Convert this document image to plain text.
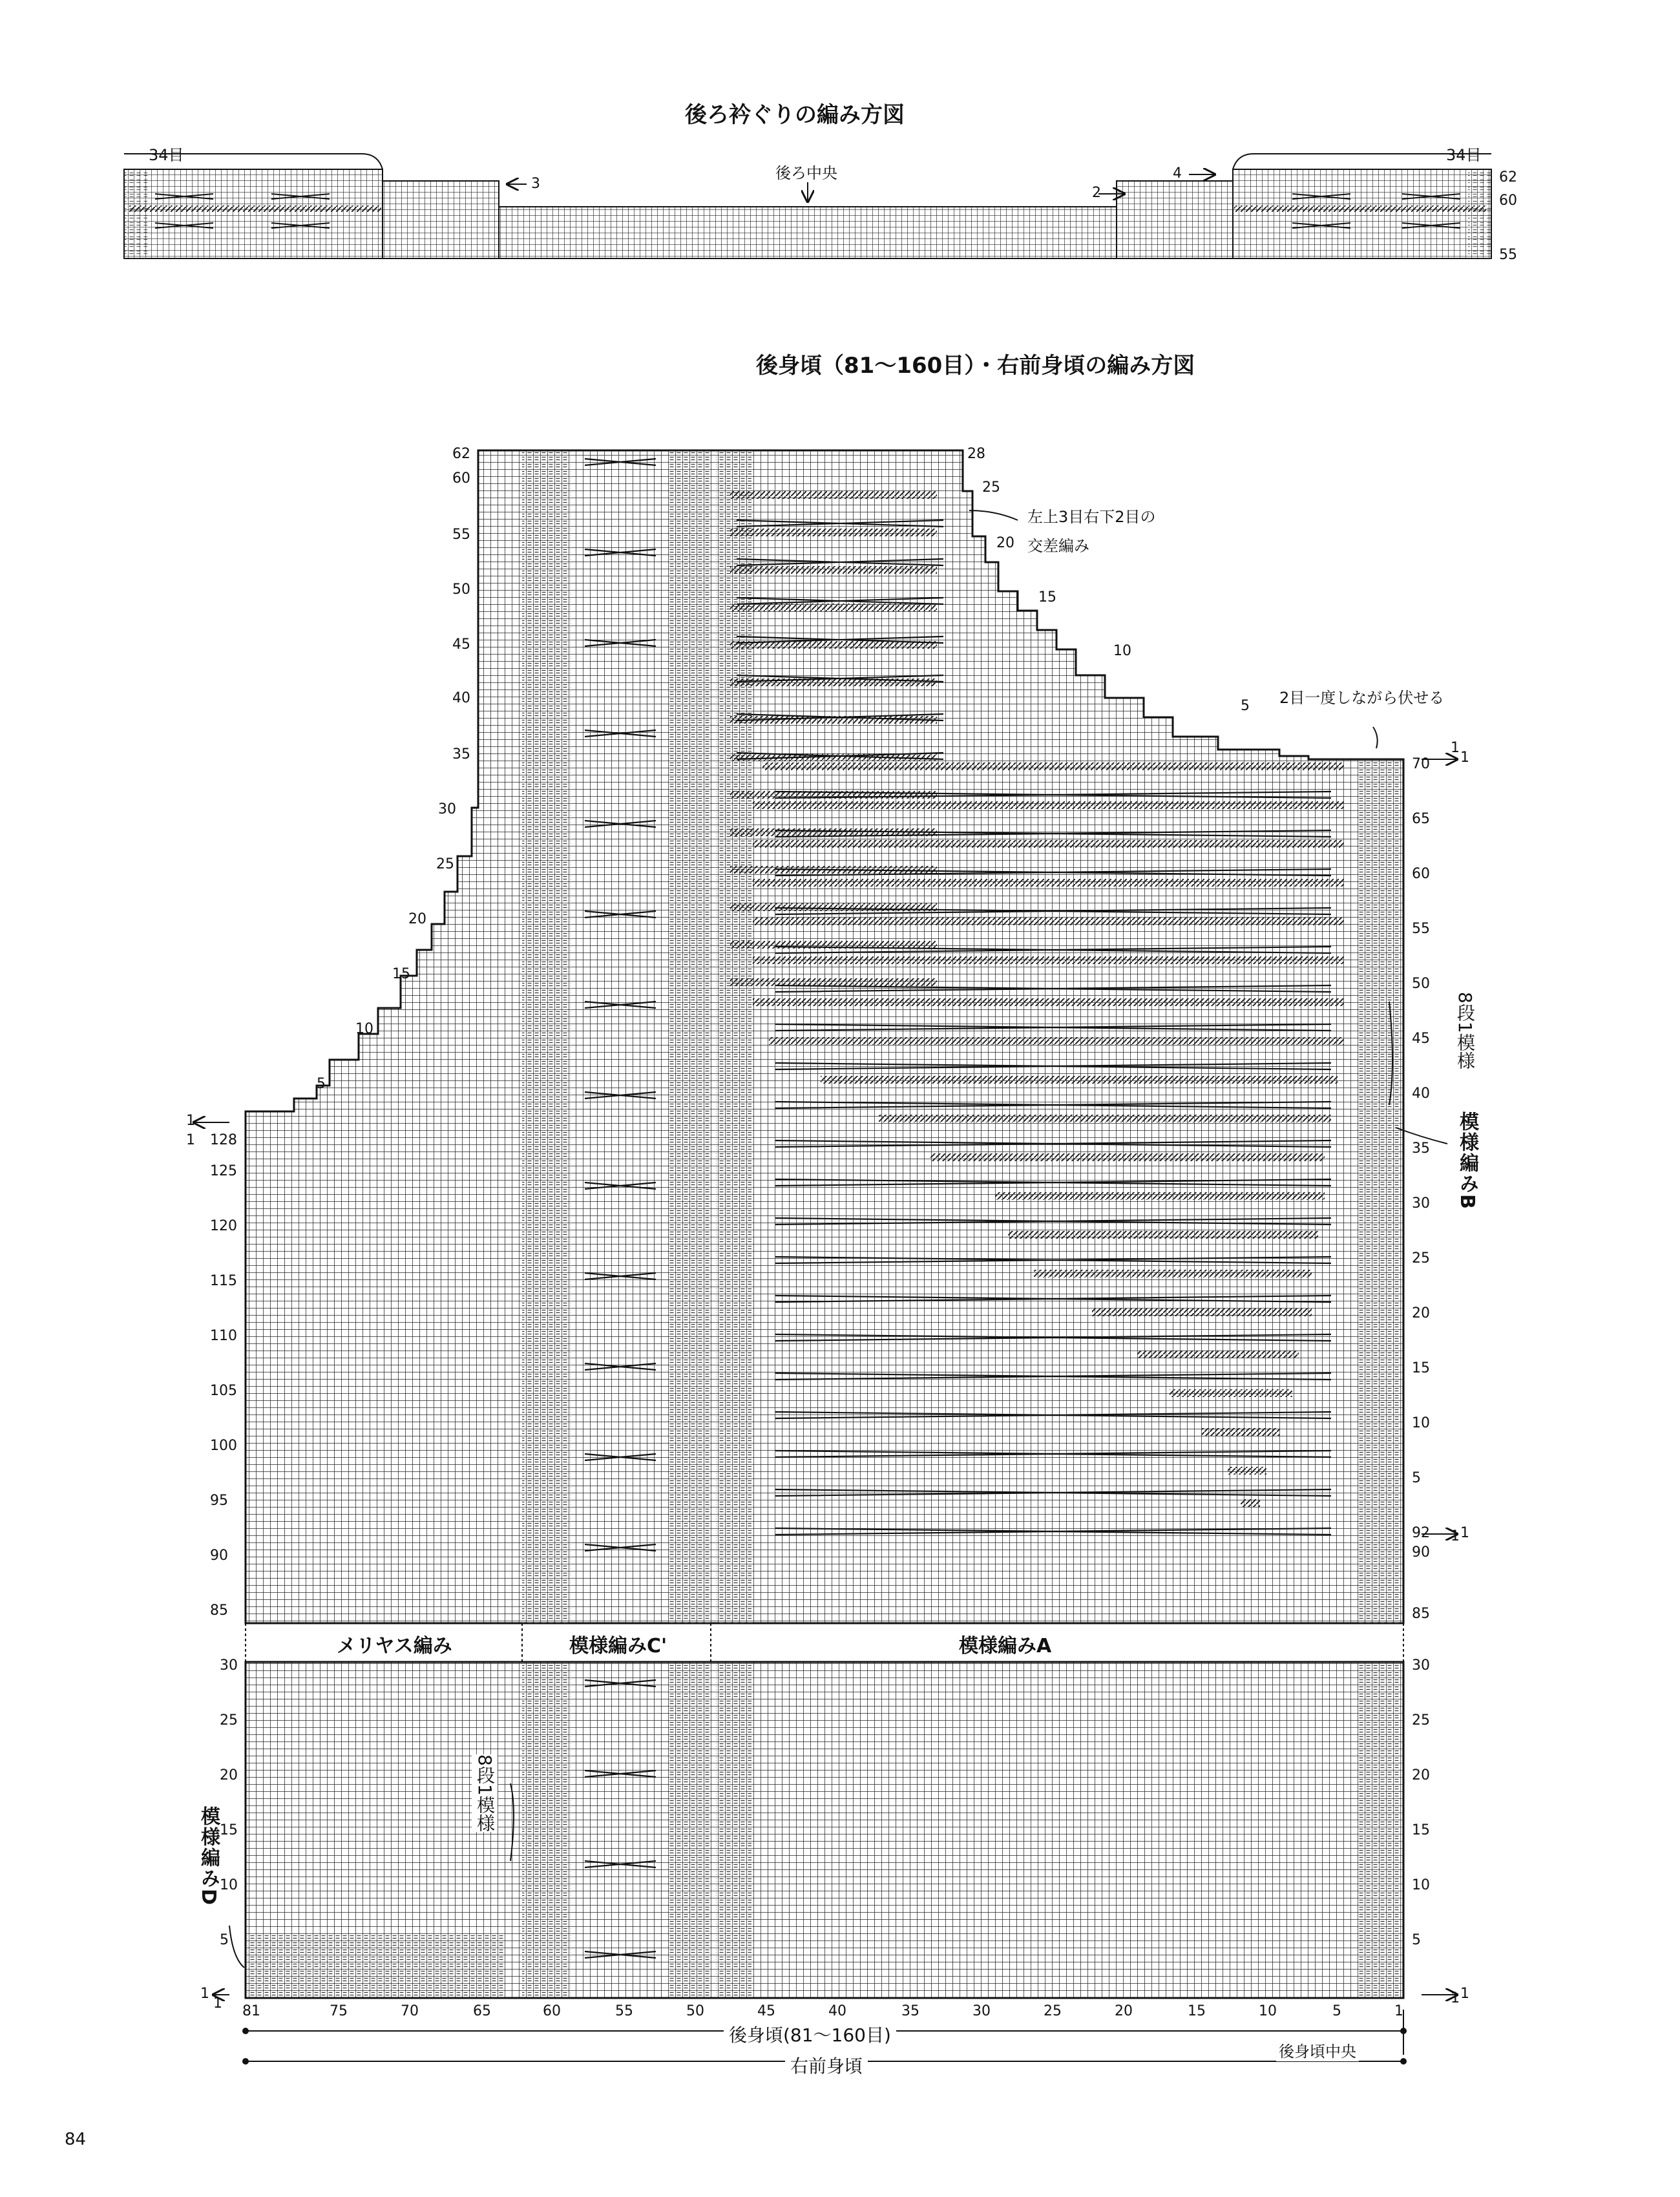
後ろ衿ぐりの編み方図
後身頃（81〜160目）・右前身頃の編み方図
34目	34目
後ろ中央
3
2
4	62
60
55
左上3目右下2目の
交差編み
2目一度しながら伏せる
8段1模様
模様編みB
8段1模様
模様編みD
メリヤス編み	模様編みC'	模様編みA
1
1
1
1
1
62
60
55
50
45
40
35
30
25
20
15
10
5
1 128
125
120
115
110
105
100
95
90
85
30
25
20
15
10
5
1
28
25
20
15
10
5
1
70
65
60
55
50
45
40
35
30
25
20
15
10
5
1
92
90
85
30
25
20
15
10
5
1
81	75	70	65	60	55	50	45	40	35	30	25	20	15	10	5	1
後身頃(81〜160目)
右前身頃
後身頃中央
84
